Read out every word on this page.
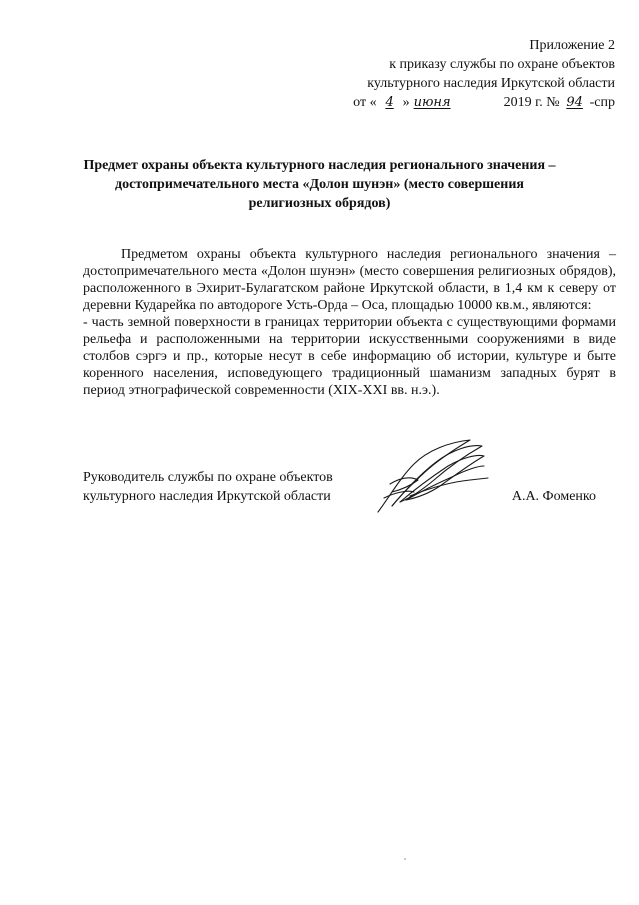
Приложение 2
к приказу службы по охране объектов
культурного наследия Иркутской области
от « 4 » июня	2019 г. № 94 -спр
Предмет охраны объекта культурного наследия регионального значения –
достопримечательного места «Долон шунэн» (место совершения
религиозных обрядов)

Предметом охраны объекта культурного наследия регионального значения – достопримечательного места «Долон шунэн» (место совершения религиозных обрядов), расположенного в Эхирит-Булагатском районе Иркутской области, в 1,4 км к северу от деревни Кударейка по автодороге Усть-Орда – Оса, площадью 10000 кв.м., являются:

- часть земной поверхности в границах территории объекта с существующими формами рельефа и расположенными на территории искусственными сооружениями в виде столбов сэргэ и пр., которые несут в себе информацию об истории, культуре и быте коренного населения, исповедующего традиционный шаманизм западных бурят в период этнографической современности (XIX-XXI вв. н.э.).

Руководитель службы по охране объектов
культурного наследия Иркутской области	А.А. Фоменко
